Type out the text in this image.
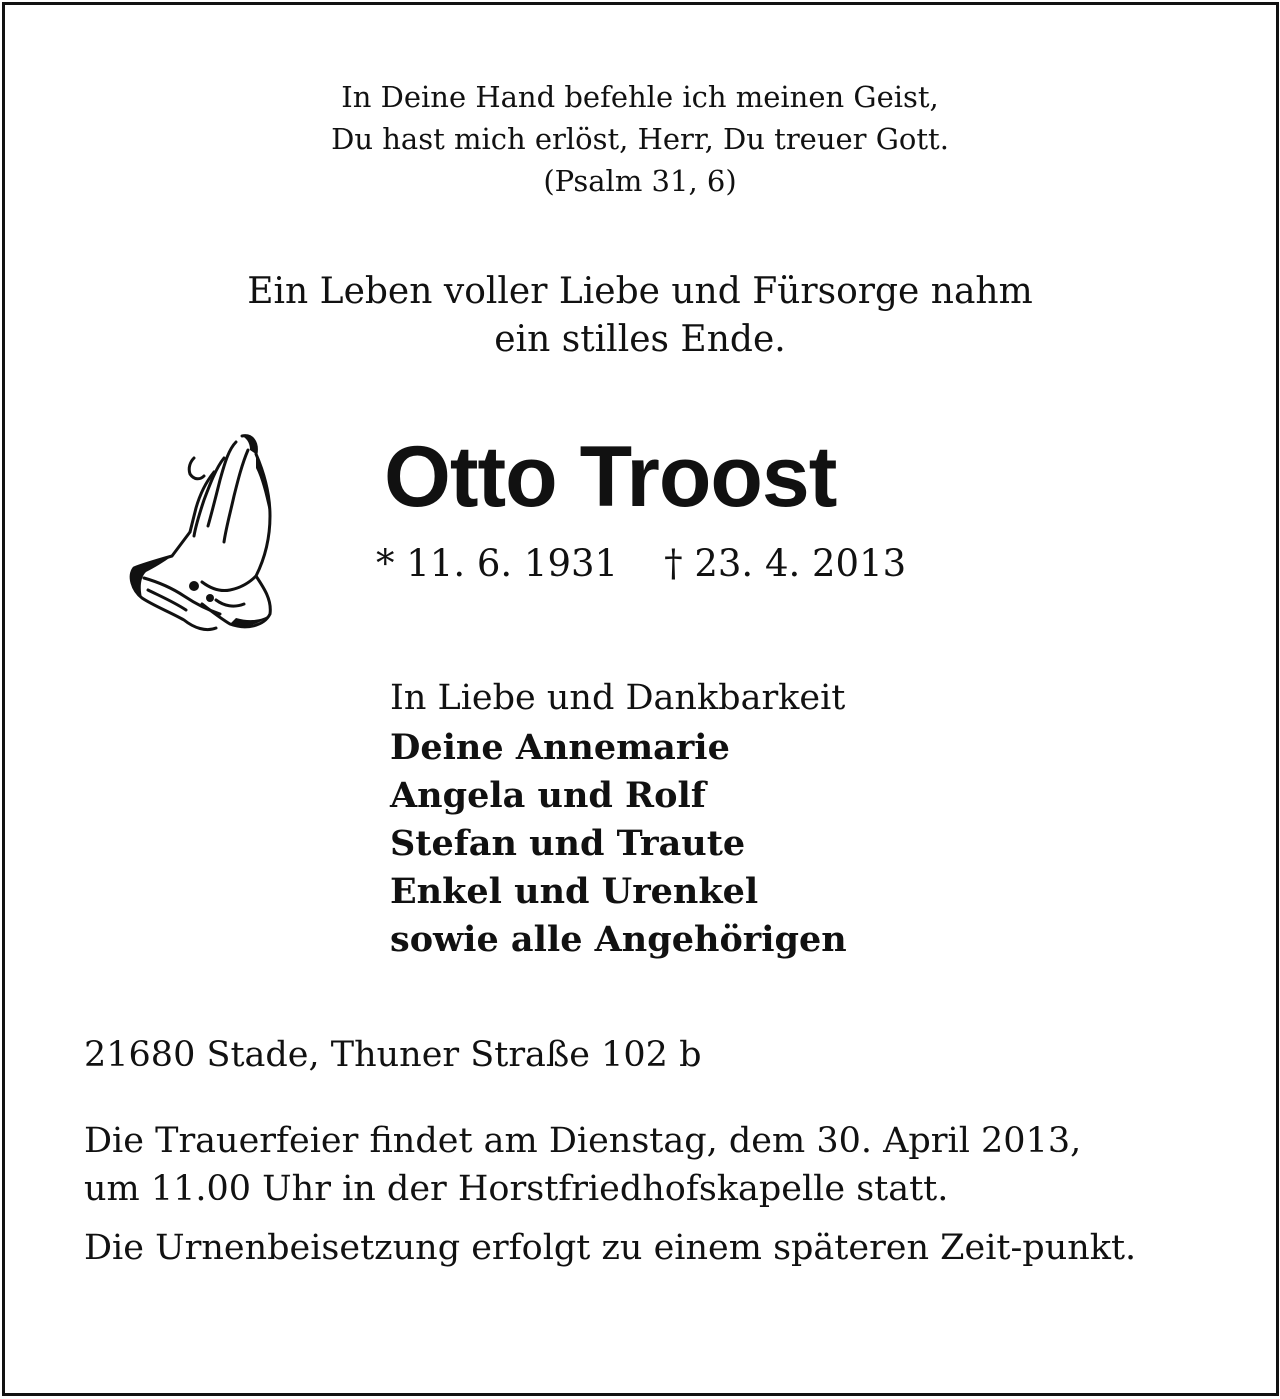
In Deine Hand befehle ich meinen Geist,
Du hast mich erlöst, Herr, Du treuer Gott.
(Psalm 31, 6)
Ein Leben voller Liebe und Fürsorge nahm
ein stilles Ende.
Otto Troost
* 11. 6. 1931 † 23. 4. 2013
In Liebe und Dankbarkeit
Deine Annemarie
Angela und Rolf
Stefan und Traute
Enkel und Urenkel
sowie alle Angehörigen
21680 Stade, Thuner Straße 102 b
Die Trauerfeier findet am Dienstag, dem 30. April 2013,
um 11.00 Uhr in der Horstfriedhofskapelle statt.
Die Urnenbeisetzung erfolgt zu einem späteren Zeit-punkt.
